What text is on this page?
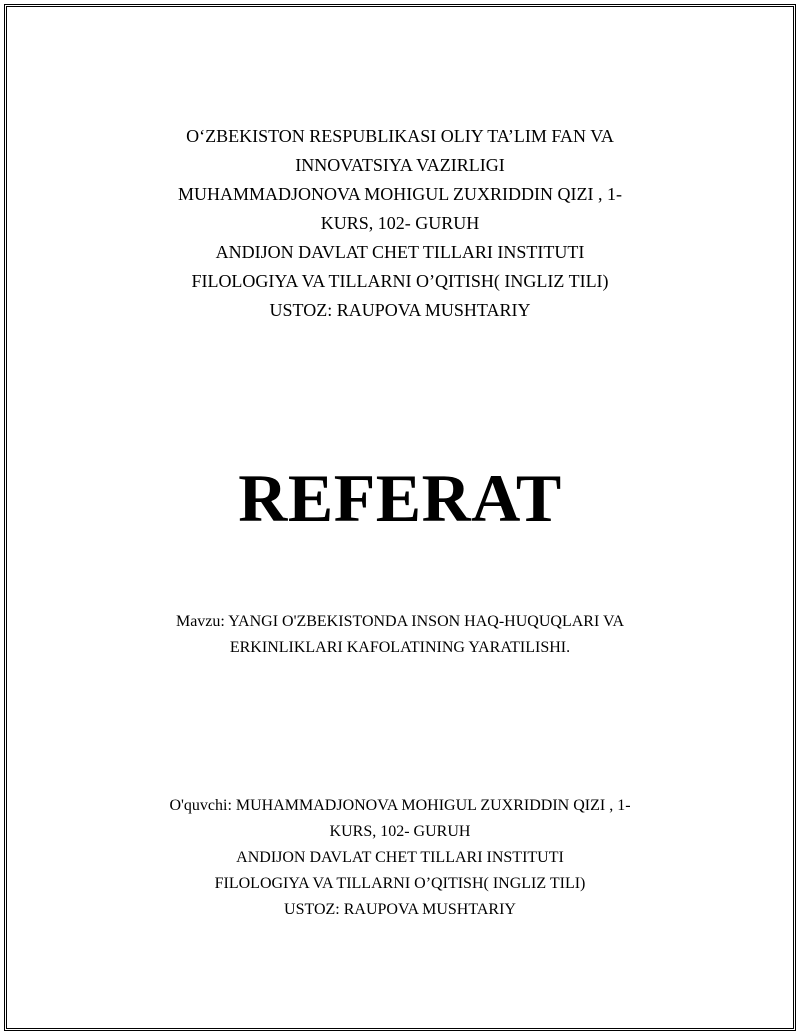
O‘ZBEKISTON RESPUBLIKASI OLIY TA’LIM FAN VA
INNOVATSIYA VAZIRLIGI
MUHAMMADJONOVA MOHIGUL ZUXRIDDIN QIZI , 1-
KURS, 102- GURUH
ANDIJON DAVLAT CHET TILLARI INSTITUTI
FILOLOGIYA VA TILLARNI O’QITISH( INGLIZ TILI)
USTOZ: RAUPOVA MUSHTARIY
REFERAT
Mavzu: YANGI O'ZBEKISTONDA INSON HAQ-HUQUQLARI VA
ERKINLIKLARI KAFOLATINING YARATILISHI.
O'quvchi: MUHAMMADJONOVA MOHIGUL ZUXRIDDIN QIZI , 1-
KURS, 102- GURUH
ANDIJON DAVLAT CHET TILLARI INSTITUTI
FILOLOGIYA VA TILLARNI O’QITISH( INGLIZ TILI)
USTOZ: RAUPOVA MUSHTARIY
